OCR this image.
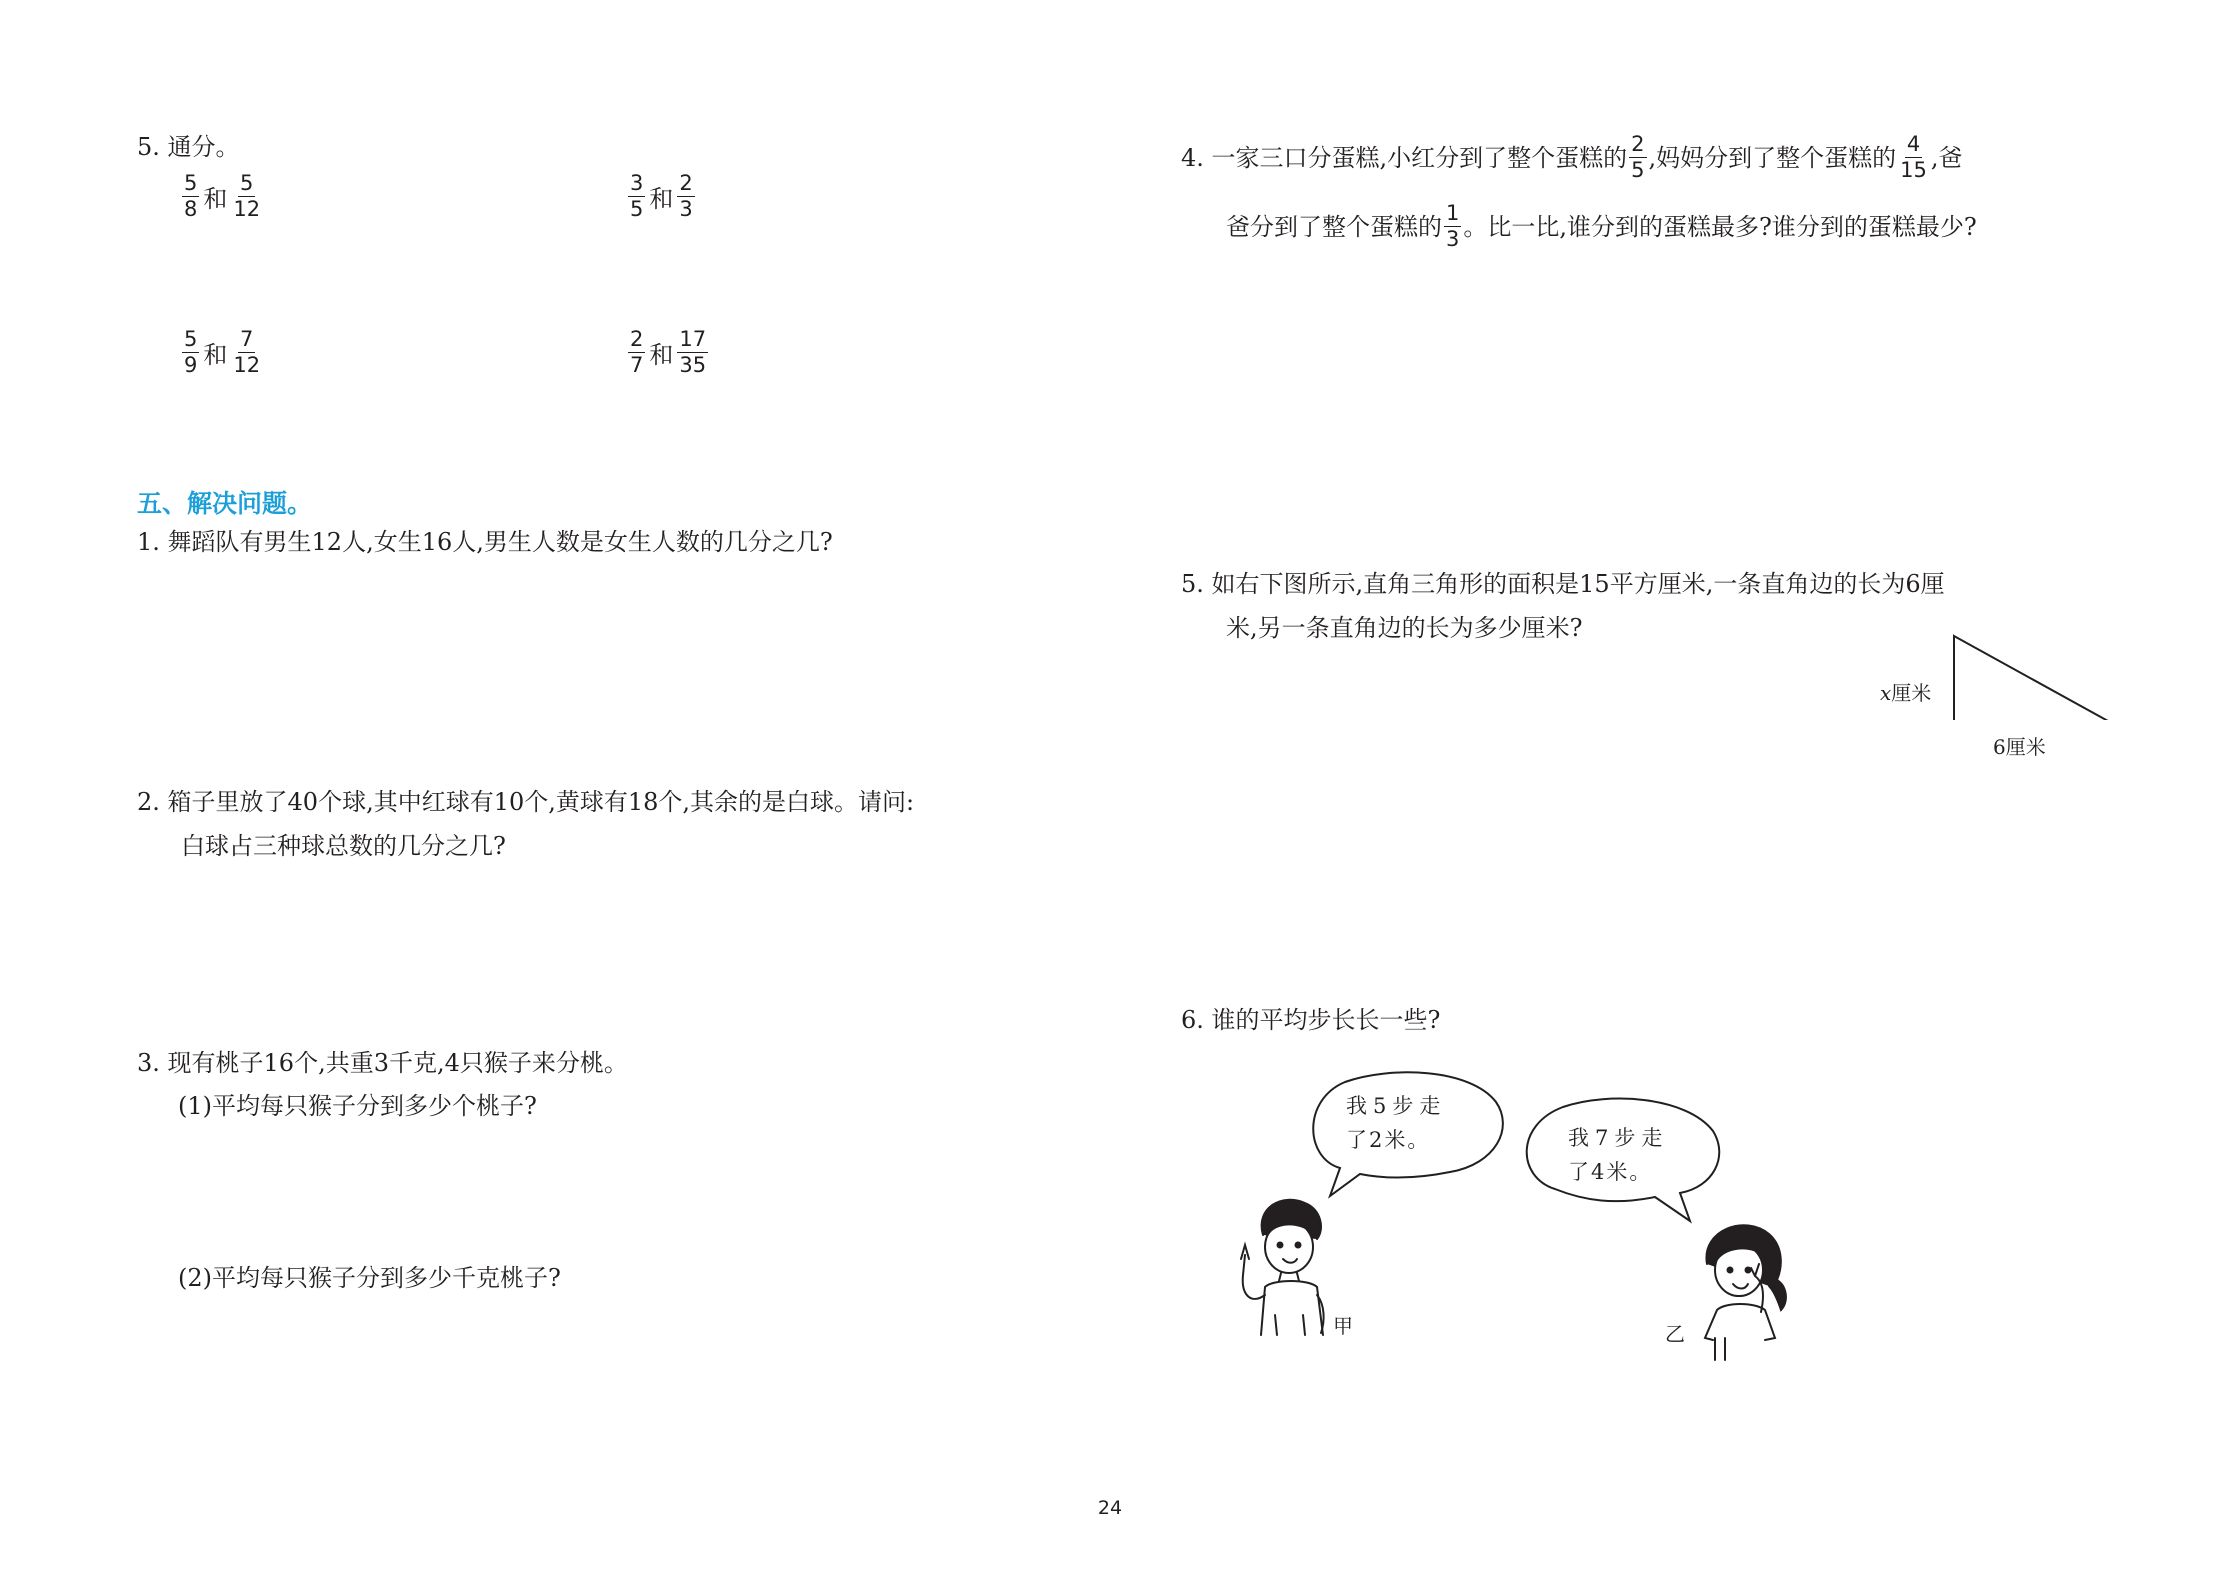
5. 通分。
$\frac{5}{8}$ 和 $\frac{5}{12}$	$\frac{3}{5}$ 和 $\frac{2}{3}$
$\frac{5}{9}$ 和 $\frac{7}{12}$	$\frac{2}{7}$ 和 $\frac{17}{35}$
五、解决问题。
1. 舞蹈队有男生12人,女生16人,男生人数是女生人数的几分之几?
2. 箱子里放了40个球,其中红球有10个,黄球有18个,其余的是白球。请问:
白球占三种球总数的几分之几?
3. 现有桃子16个,共重3千克,4只猴子来分桃。
(1)平均每只猴子分到多少个桃子?
(2)平均每只猴子分到多少千克桃子?
4. 一家三口分蛋糕,小红分到了整个蛋糕的 $\frac{2}{5}$ ,妈妈分到了整个蛋糕的 $\frac{4}{15}$ ,爸
爸分到了整个蛋糕的 $\frac{1}{3}$ 。比一比,谁分到的蛋糕最多?谁分到的蛋糕最少?
5. 如右下图所示,直角三角形的面积是15平方厘米,一条直角边的长为6厘
米,另一条直角边的长为多少厘米?
x厘米
6厘米
6. 谁的平均步长长一些?
我5步走
了2米。	我7步走
了4米。
甲	乙
24
